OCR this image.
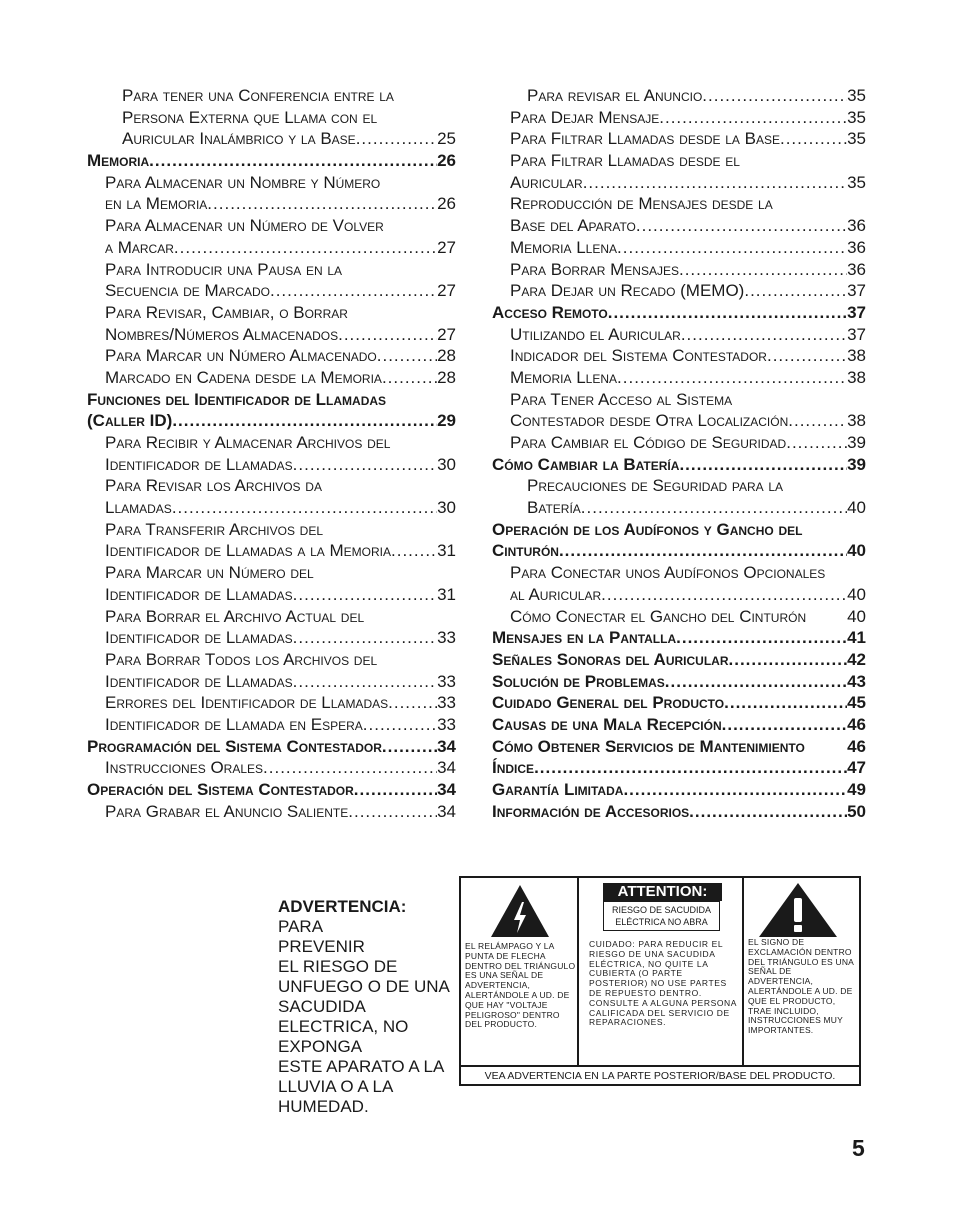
Para tener una Conferencia entre la
Persona Externa que Llama con el
Auricular Inalámbrico y la Base .....	25
Memoria .....	26
Para Almacenar un Nombre y Número
en la Memoria .....	26
Para Almacenar un Número de Volver
a Marcar .....	27
Para Introducir una Pausa en la
Secuencia de Marcado .....	27
Para Revisar, Cambiar, o Borrar
Nombres/Números Almacenados .....	27
Para Marcar un Número Almacenado .....	28
Marcado en Cadena desde la Memoria .....	28
Funciones del Identificador de Llamadas
(Caller ID) .....	29
Para Recibir y Almacenar Archivos del
Identificador de Llamadas .....	30
Para Revisar los Archivos da
Llamadas .....	30
Para Transferir Archivos del
Identificador de Llamadas a la Memoria .....	31
Para Marcar un Número del
Identificador de Llamadas .....	31
Para Borrar el Archivo Actual del
Identificador de Llamadas .....	33
Para Borrar Todos los Archivos del
Identificador de Llamadas .....	33
Errores del Identificador de Llamadas .....	33
Identificador de Llamada en Espera .....	33
Programación del Sistema Contestador .....	34
Instrucciones Orales .....	34
Operación del Sistema Contestador .....	34
Para Grabar el Anuncio Saliente .....	34
Para revisar el Anuncio .....	35
Para Dejar Mensaje .....	35
Para Filtrar Llamadas desde la Base .....	35
Para Filtrar Llamadas desde el
Auricular .....	35
Reproducción de Mensajes desde la
Base del Aparato .....	36
Memoria Llena .....	36
Para Borrar Mensajes .....	36
Para Dejar un Recado (MEMO) .....	37
Acceso Remoto .....	37
Utilizando el Auricular .....	37
Indicador del Sistema Contestador .....	38
Memoria Llena .....	38
Para Tener Acceso al Sistema
Contestador desde Otra Localización .....	38
Para Cambiar el Código de Seguridad .....	39
Cómo Cambiar la Batería .....	39
Precauciones de Seguridad para la
Batería .....	40
Operación de los Audífonos y Gancho del
Cinturón .....	40
Para Conectar unos Audífonos Opcionales
al Auricular .....	40
Cómo Conectar el Gancho del Cinturón	40
Mensajes en la Pantalla .....	41
Señales Sonoras del Auricular .....	42
Solución de Problemas .....	43
Cuidado General del Producto .....	45
Causas de una Mala Recepción .....	46
Cómo Obtener Servicios de Mantenimiento	46
Índice .....	47
Garantía Limitada .....	49
Información de Accesorios .....	50
ADVERTENCIA: PARA
PREVENIR
EL RIESGO DE
UNFUEGO O DE UNA
SACUDIDA
ELECTRICA, NO
EXPONGA
ESTE APARATO A LA
LLUVIA O A LA
HUMEDAD.
EL RELÁMPAGO Y LA PUNTA DE FLECHA DENTRO DEL TRIÁNGULO ES UNA SEÑAL DE ADVERTENCIA, ALERTÁNDOLE A UD. DE QUE HAY "VOLTAJE PELIGROSO" DENTRO DEL PRODUCTO.
ATTENTION:
RIESGO DE SACUDIDA ELÉCTRICA NO ABRA
CUIDADO: PARA REDUCIR EL RIESGO DE UNA SACUDIDA ELÉCTRICA, NO QUITE LA CUBIERTA (O PARTE POSTERIOR) NO USE PARTES DE REPUESTO DENTRO. CONSULTE A ALGUNA PERSONA CALIFICADA DEL SERVICIO DE REPARACIONES.
EL SIGNO DE EXCLAMACIÓN DENTRO DEL TRIÁNGULO ES UNA SEÑAL DE ADVERTENCIA, ALERTÁNDOLE A UD. DE QUE EL PRODUCTO, TRAE INCLUIDO, INSTRUCCIONES MUY IMPORTANTES.
VEA ADVERTENCIA EN LA PARTE POSTERIOR/BASE DEL PRODUCTO.
5
